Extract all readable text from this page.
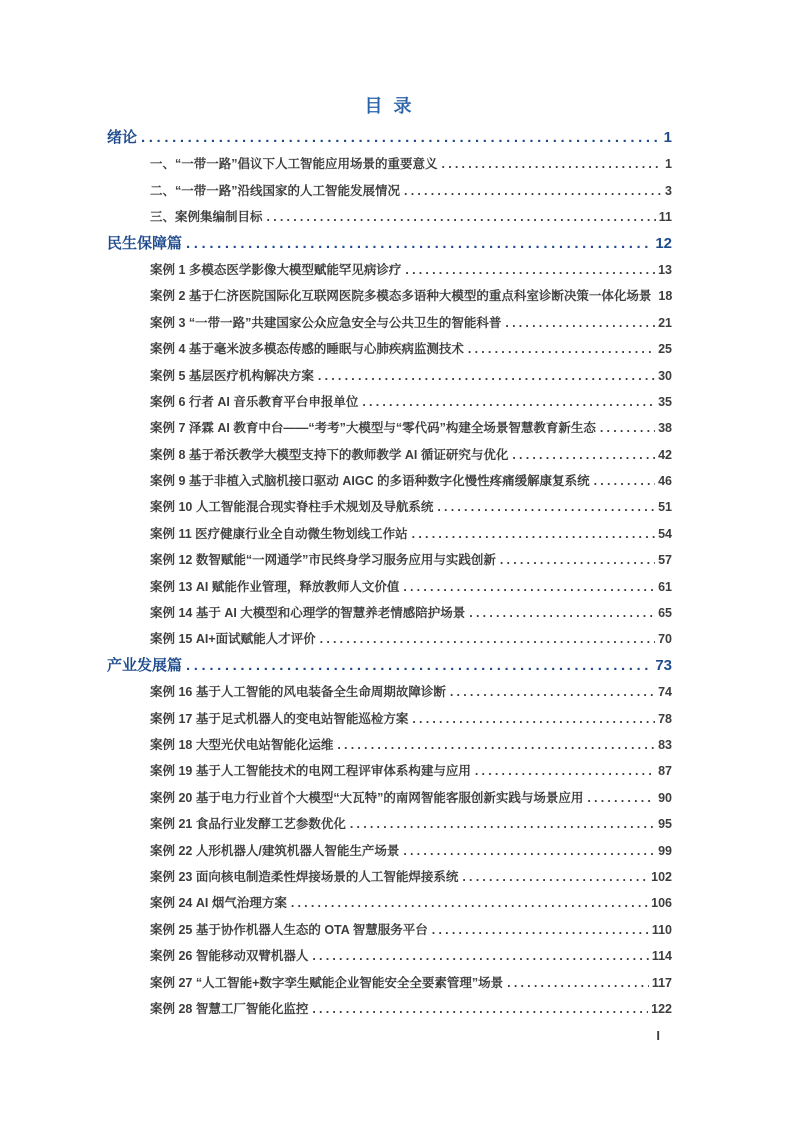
目 录
绪论 .....	1
一、“一带一路”倡议下人工智能应用场景的重要意义 .....	1
二、“一带一路”沿线国家的人工智能发展情况 .....	3
三、案例集编制目标 .....	11
民生保障篇 .....	12
案例 1 多模态医学影像大模型赋能罕见病诊疗 .....	13
案例 2 基于仁济医院国际化互联网医院多模态多语种大模型的重点科室诊断决策一体化场景 18
案例 3 “一带一路”共建国家公众应急安全与公共卫生的智能科普 .....	21
案例 4 基于毫米波多模态传感的睡眠与心肺疾病监测技术 .....	25
案例 5 基层医疗机构解决方案 .....	30
案例 6 行者 AI 音乐教育平台申报单位 .....	35
案例 7 泽霖 AI 教育中台——“考考”大模型与“零代码”构建全场景智慧教育新生态 .....	38
案例 8 基于希沃教学大模型支持下的教师教学 AI 循证研究与优化 .....	42
案例 9 基于非植入式脑机接口驱动 AIGC 的多语种数字化慢性疼痛缓解康复系统 .....	46
案例 10 人工智能混合现实脊柱手术规划及导航系统 .....	51
案例 11 医疗健康行业全自动微生物划线工作站 .....	54
案例 12 数智赋能“一网通学”市民终身学习服务应用与实践创新 .....	57
案例 13 AI 赋能作业管理，释放教师人文价值 .....	61
案例 14 基于 AI 大模型和心理学的智慧养老情感陪护场景 .....	65
案例 15 AI+面试赋能人才评价 .....	70
产业发展篇 .....	73
案例 16 基于人工智能的风电装备全生命周期故障诊断 .....	74
案例 17 基于足式机器人的变电站智能巡检方案 .....	78
案例 18 大型光伏电站智能化运维 .....	83
案例 19 基于人工智能技术的电网工程评审体系构建与应用 .....	87
案例 20 基于电力行业首个大模型“大瓦特”的南网智能客服创新实践与场景应用 .....	90
案例 21 食品行业发酵工艺参数优化 .....	95
案例 22 人形机器人/建筑机器人智能生产场景 .....	99
案例 23 面向核电制造柔性焊接场景的人工智能焊接系统 .....	102
案例 24 AI 烟气治理方案 .....	106
案例 25 基于协作机器人生态的 OTA 智慧服务平台 .....	110
案例 26 智能移动双臂机器人 .....	114
案例 27 “人工智能+数字孪生赋能企业智能安全全要素管理”场景 .....	117
案例 28 智慧工厂智能化监控 .....	122
I
